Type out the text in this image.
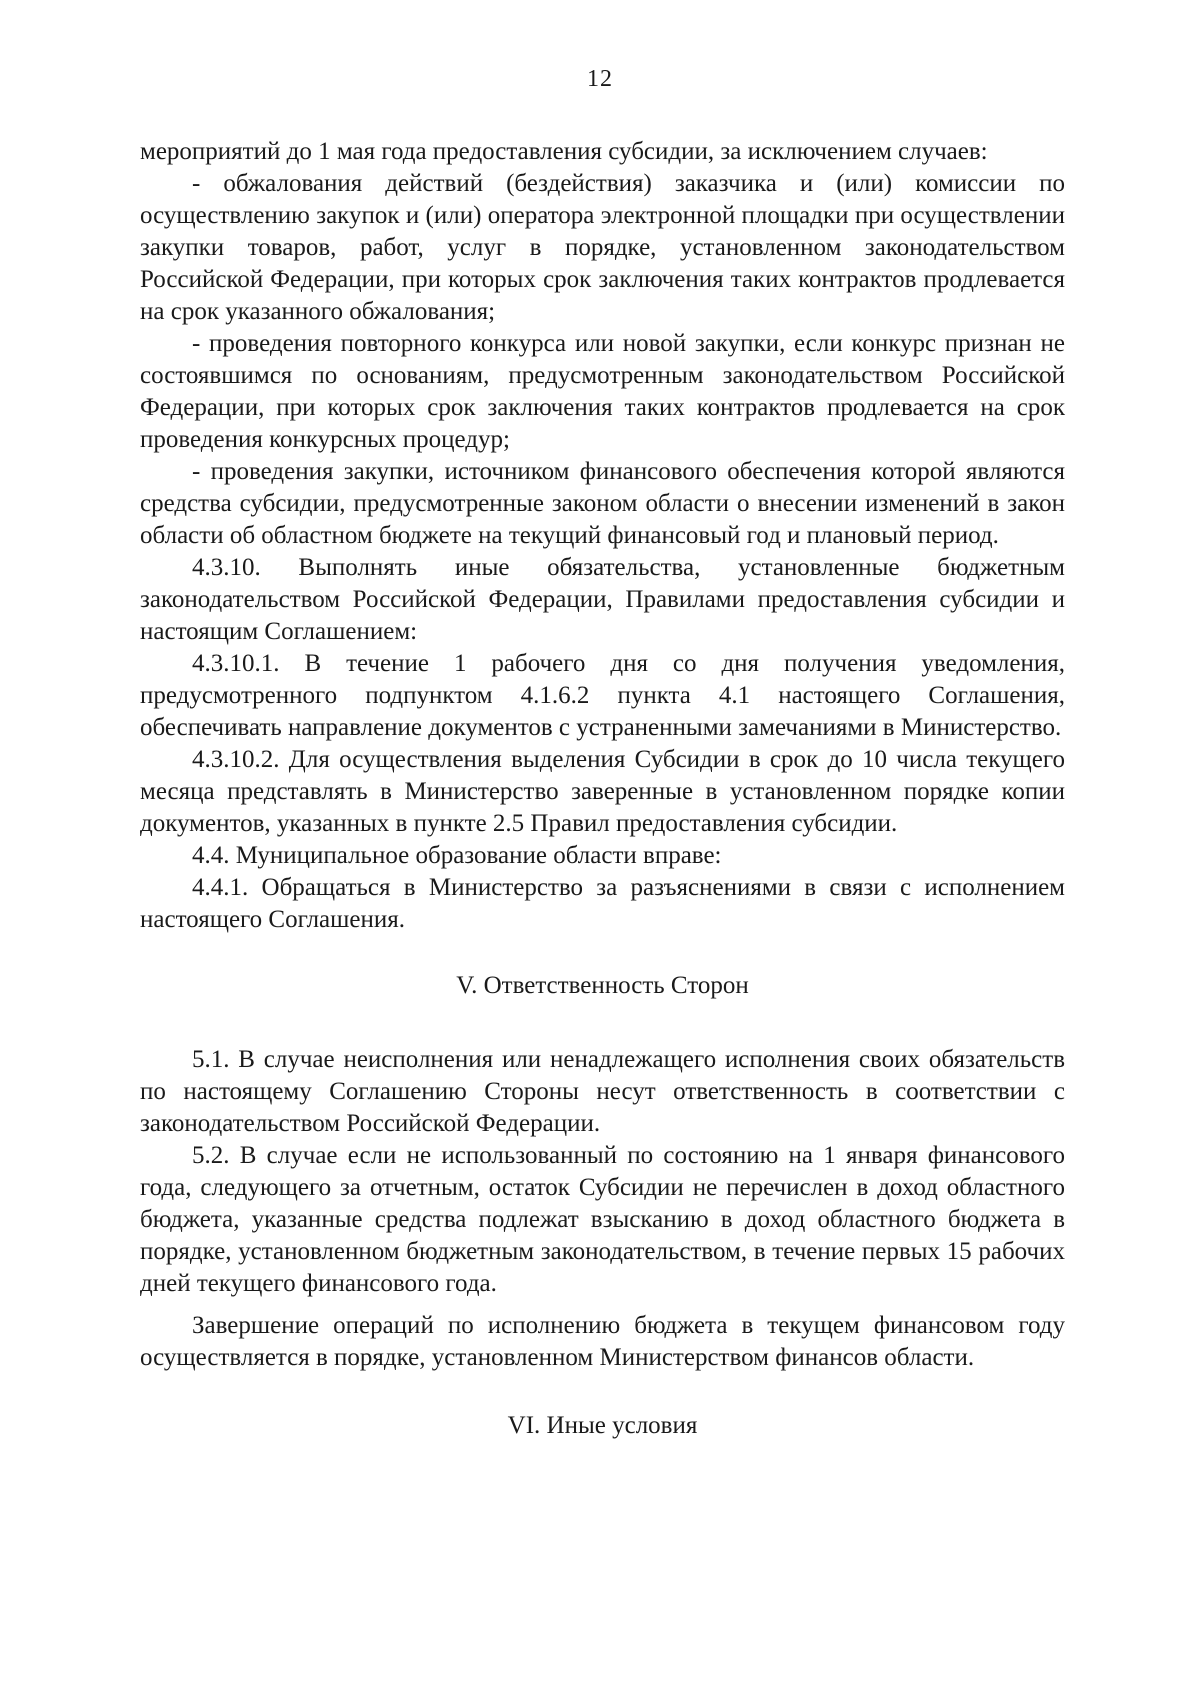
12

мероприятий до 1 мая года предоставления субсидии, за исключением случаев:

- обжалования действий (бездействия) заказчика и (или) комиссии по осуществлению закупок и (или) оператора электронной площадки при осуществлении закупки товаров, работ, услуг в порядке, установленном законодательством Российской Федерации, при которых срок заключения таких контрактов продлевается на срок указанного обжалования;

- проведения повторного конкурса или новой закупки, если конкурс признан не состоявшимся по основаниям, предусмотренным законодательством Российской Федерации, при которых срок заключения таких контрактов продлевается на срок проведения конкурсных процедур;

- проведения закупки, источником финансового обеспечения которой являются средства субсидии, предусмотренные законом области о внесении изменений в закон области об областном бюджете на текущий финансовый год и плановый период.

4.3.10. Выполнять иные обязательства, установленные бюджетным законодательством Российской Федерации, Правилами предоставления субсидии и настоящим Соглашением:

4.3.10.1. В течение 1 рабочего дня со дня получения уведомления, предусмотренного подпунктом 4.1.6.2 пункта 4.1 настоящего Соглашения, обеспечивать направление документов с устраненными замечаниями в Министерство.

4.3.10.2. Для осуществления выделения Субсидии в срок до 10 числа текущего месяца представлять в Министерство заверенные в установленном порядке копии документов, указанных в пункте 2.5 Правил предоставления субсидии.

4.4. Муниципальное образование области вправе:

4.4.1. Обращаться в Министерство за разъяснениями в связи с исполнением настоящего Соглашения.

V. Ответственность Сторон

5.1. В случае неисполнения или ненадлежащего исполнения своих обязательств по настоящему Соглашению Стороны несут ответственность в соответствии с законодательством Российской Федерации.

5.2. В случае если не использованный по состоянию на 1 января финансового года, следующего за отчетным, остаток Субсидии не перечислен в доход областного бюджета, указанные средства подлежат взысканию в доход областного бюджета в порядке, установленном бюджетным законодательством, в течение первых 15 рабочих дней текущего финансового года.

Завершение операций по исполнению бюджета в текущем финансовом году осуществляется в порядке, установленном Министерством финансов области.

VI. Иные условия
